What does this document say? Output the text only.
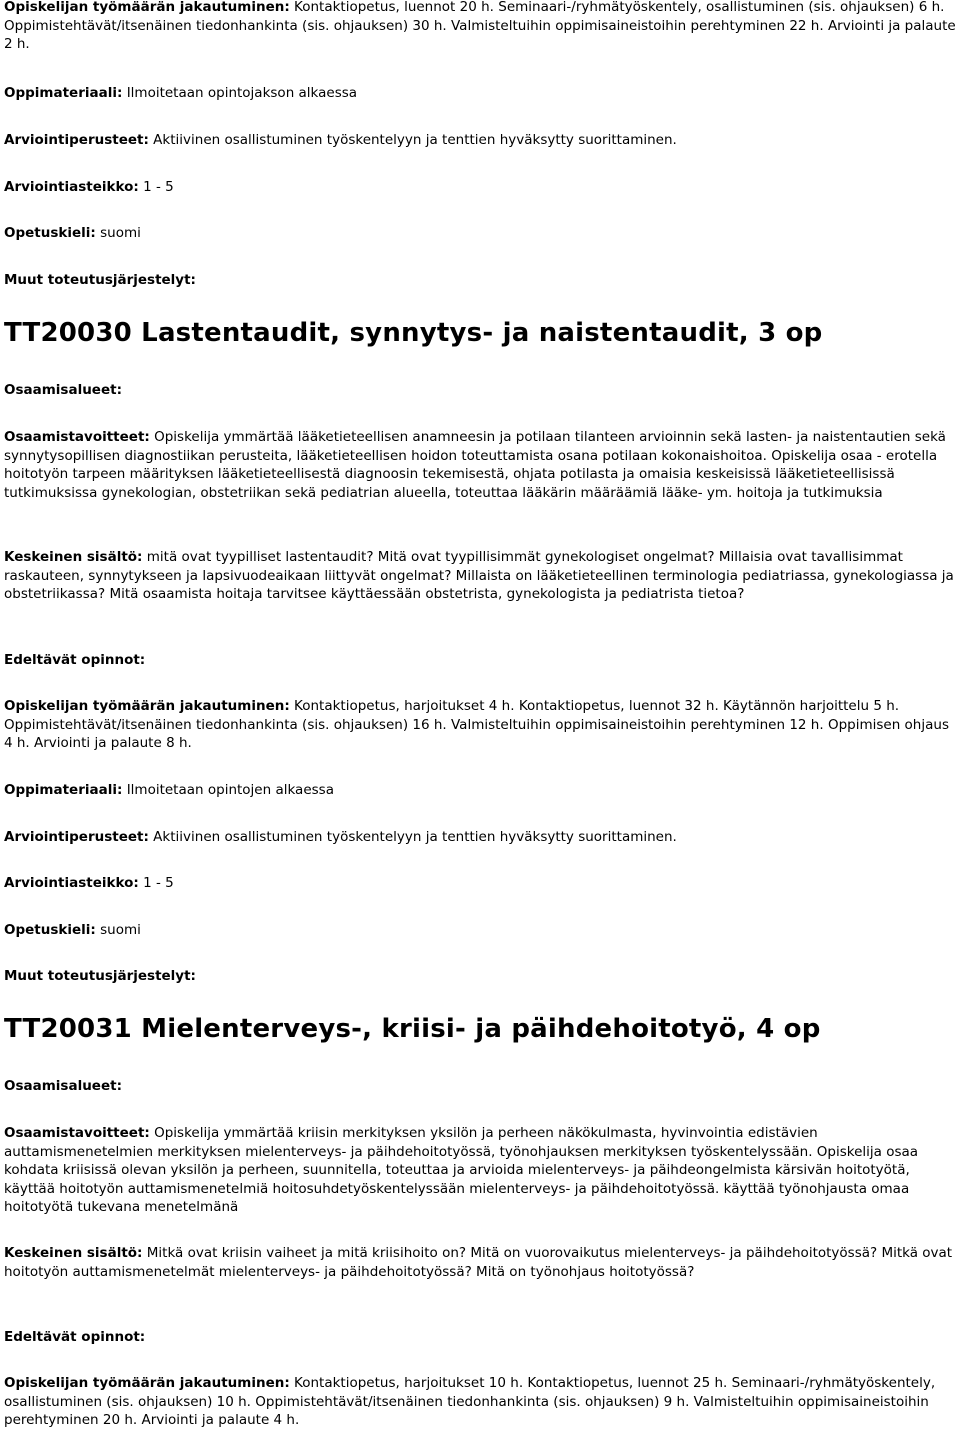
Opiskelijan työmäärän jakautuminen: Kontaktiopetus, luennot 20 h. Seminaari-/ryhmätyöskentely, osallistuminen (sis. ohjauksen) 6 h. Oppimistehtävät/itsenäinen tiedonhankinta (sis. ohjauksen) 30 h. Valmisteltuihin oppimisaineistoihin perehtyminen 22 h. Arviointi ja palaute 2 h.

Oppimateriaali: Ilmoitetaan opintojakson alkaessa

Arviointiperusteet: Aktiivinen osallistuminen työskentelyyn ja tenttien hyväksytty suorittaminen.

Arviointiasteikko: 1 - 5

Opetuskieli: suomi

Muut toteutusjärjestelyt:

TT20030 Lastentaudit, synnytys- ja naistentaudit, 3 op

Osaamisalueet:

Osaamistavoitteet: Opiskelija ymmärtää lääketieteellisen anamneesin ja potilaan tilanteen arvioinnin sekä lasten- ja naistentautien sekä synnytysopillisen diagnostiikan perusteita, lääketieteellisen hoidon toteuttamista osana potilaan kokonaishoitoa. Opiskelija osaa - erotella hoitotyön tarpeen määrityksen lääketieteellisestä diagnoosin tekemisestä, ohjata potilasta ja omaisia keskeisissä lääketieteellisissä tutkimuksissa gynekologian, obstetriikan sekä pediatrian alueella, toteuttaa lääkärin määräämiä lääke- ym. hoitoja ja tutkimuksia

Keskeinen sisältö: mitä ovat tyypilliset lastentaudit? Mitä ovat tyypillisimmät gynekologiset ongelmat? Millaisia ovat tavallisimmat raskauteen, synnytykseen ja lapsivuodeaikaan liittyvät ongelmat? Millaista on lääketieteellinen terminologia pediatriassa, gynekologiassa ja obstetriikassa? Mitä osaamista hoitaja tarvitsee käyttäessään obstetrista, gynekologista ja pediatrista tietoa?

Edeltävät opinnot:

Opiskelijan työmäärän jakautuminen: Kontaktiopetus, harjoitukset 4 h. Kontaktiopetus, luennot 32 h. Käytännön harjoittelu 5 h. Oppimistehtävät/itsenäinen tiedonhankinta (sis. ohjauksen) 16 h. Valmisteltuihin oppimisaineistoihin perehtyminen 12 h. Oppimisen ohjaus 4 h. Arviointi ja palaute 8 h.

Oppimateriaali: Ilmoitetaan opintojen alkaessa

Arviointiperusteet: Aktiivinen osallistuminen työskentelyyn ja tenttien hyväksytty suorittaminen.

Arviointiasteikko: 1 - 5

Opetuskieli: suomi

Muut toteutusjärjestelyt:

TT20031 Mielenterveys-, kriisi- ja päihdehoitotyö, 4 op

Osaamisalueet:

Osaamistavoitteet: Opiskelija ymmärtää kriisin merkityksen yksilön ja perheen näkökulmasta, hyvinvointia edistävien auttamismenetelmien merkityksen mielenterveys- ja päihdehoitotyössä, työnohjauksen merkityksen työskentelyssään. Opiskelija osaa kohdata kriisissä olevan yksilön ja perheen, suunnitella, toteuttaa ja arvioida mielenterveys- ja päihdeongelmista kärsivän hoitotyötä, käyttää hoitotyön auttamismenetelmiä hoitosuhdetyöskentelyssään mielenterveys- ja päihdehoitotyössä. käyttää työnohjausta omaa hoitotyötä tukevana menetelmänä

Keskeinen sisältö: Mitkä ovat kriisin vaiheet ja mitä kriisihoito on? Mitä on vuorovaikutus mielenterveys- ja päihdehoitotyössä? Mitkä ovat hoitotyön auttamismenetelmät mielenterveys- ja päihdehoitotyössä? Mitä on työnohjaus hoitotyössä?

Edeltävät opinnot:

Opiskelijan työmäärän jakautuminen: Kontaktiopetus, harjoitukset 10 h. Kontaktiopetus, luennot 25 h. Seminaari-/ryhmätyöskentely, osallistuminen (sis. ohjauksen) 10 h. Oppimistehtävät/itsenäinen tiedonhankinta (sis. ohjauksen) 9 h. Valmisteltuihin oppimisaineistoihin perehtyminen 20 h. Arviointi ja palaute 4 h.
